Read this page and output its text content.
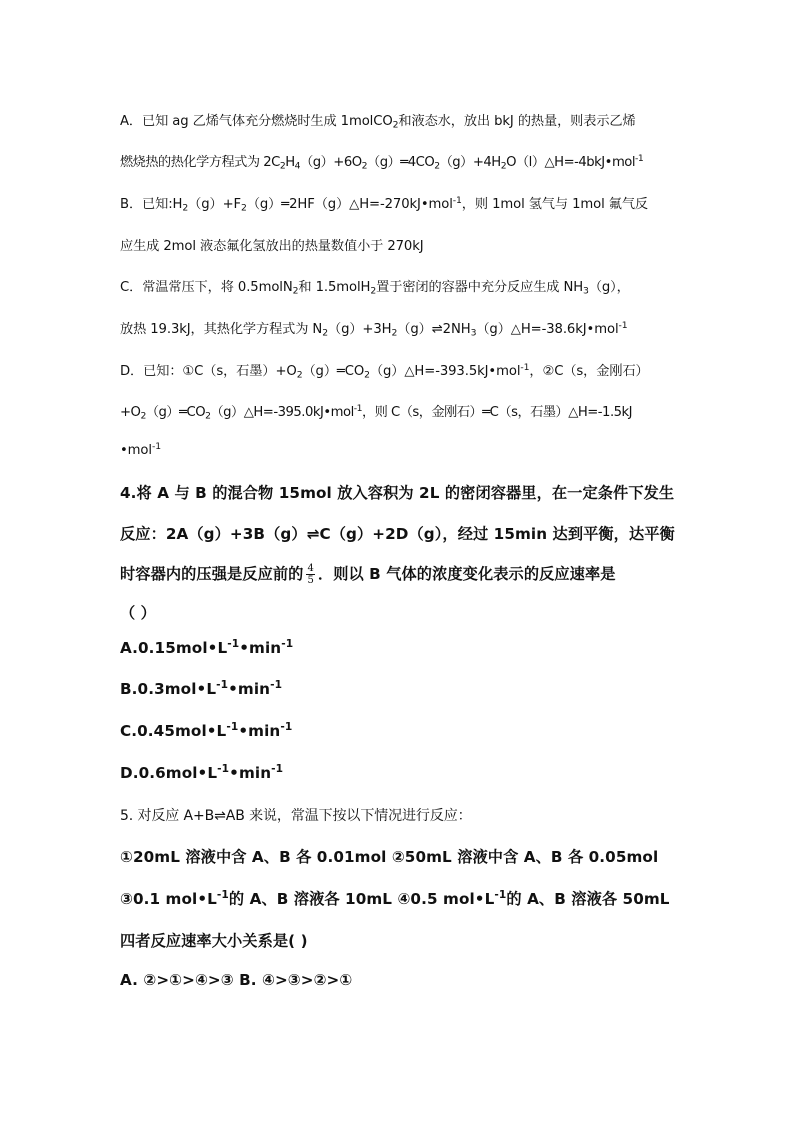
A．已知 ag 乙烯气体充分燃烧时生成 1molCO$_2$和液态水，放出 bkJ 的热量，则表示乙烯
燃烧热的热化学方程式为 $2C_2H_4(g)+6O_2(g)═4CO_2(g)+4H_2O(l)\triangle H=-4bkJ•mol^{-1}$
B．已知$:H_2(g)+F_2(g)═2HF(g)\triangle H=-270kJ•mol^{-1}$，则 1mol 氢气与 1mol 氟气反
应生成 2mol 液态氟化氢放出的热量数值小于 270kJ
C．常温常压下，将 0.5molN$_2$和 1.5molH$_2$置于密闭的容器中充分反应生成 $NH_3(g)$，
放热 19.3kJ，其热化学方程式为 $N_2(g)+3H_2(g)\rightleftharpoons 2NH_3(g)\triangle H=-38.6kJ•mol^{-1}$
D．已知：①C（s，石墨）$+O_2(g)═CO_2(g)\triangle H=-393.5kJ•mol^{-1}$，②C（s，金刚石）
$+O_2(g)═CO_2(g)\triangle H=-395.0kJ•mol^{-1}$，则 C（s，金刚石）═C（s，石墨）△H=-1.5kJ
•mol$^{-1}$
4.将 A 与 B 的混合物 15mol 放入容积为 2L 的密闭容器里，在一定条件下发生
反应：2A（g）+3B（g）⇌C（g）+2D（g），经过 15min 达到平衡，达平衡
时容器内的压强是反应前的 $\frac{4}{5}$ ．则以 B 气体的浓度变化表示的反应速率是
（ ）
$A.0.15mol•L^{-1}•\min^{-1}$
$B.0.3mol•L^{-1}•\min^{-1}$
$C.0.45mol•L^{-1}•\min^{-1}$
$D.0.6mol•L^{-1}•\min^{-1}$
5. 对反应 A+B⇌AB 来说，常温下按以下情况进行反应：
①20mL 溶液中含 A、B 各 0.01mol ②50mL 溶液中含 A、B 各 0.05mol
③0.1 $mol•L^{-1}$的 A、B 溶液各 10mL ④0.5 $mol•L^{-1}$的 A、B 溶液各 50mL
四者反应速率大小关系是( )
A. ②>①>④>③ B. ④>③>②>①
